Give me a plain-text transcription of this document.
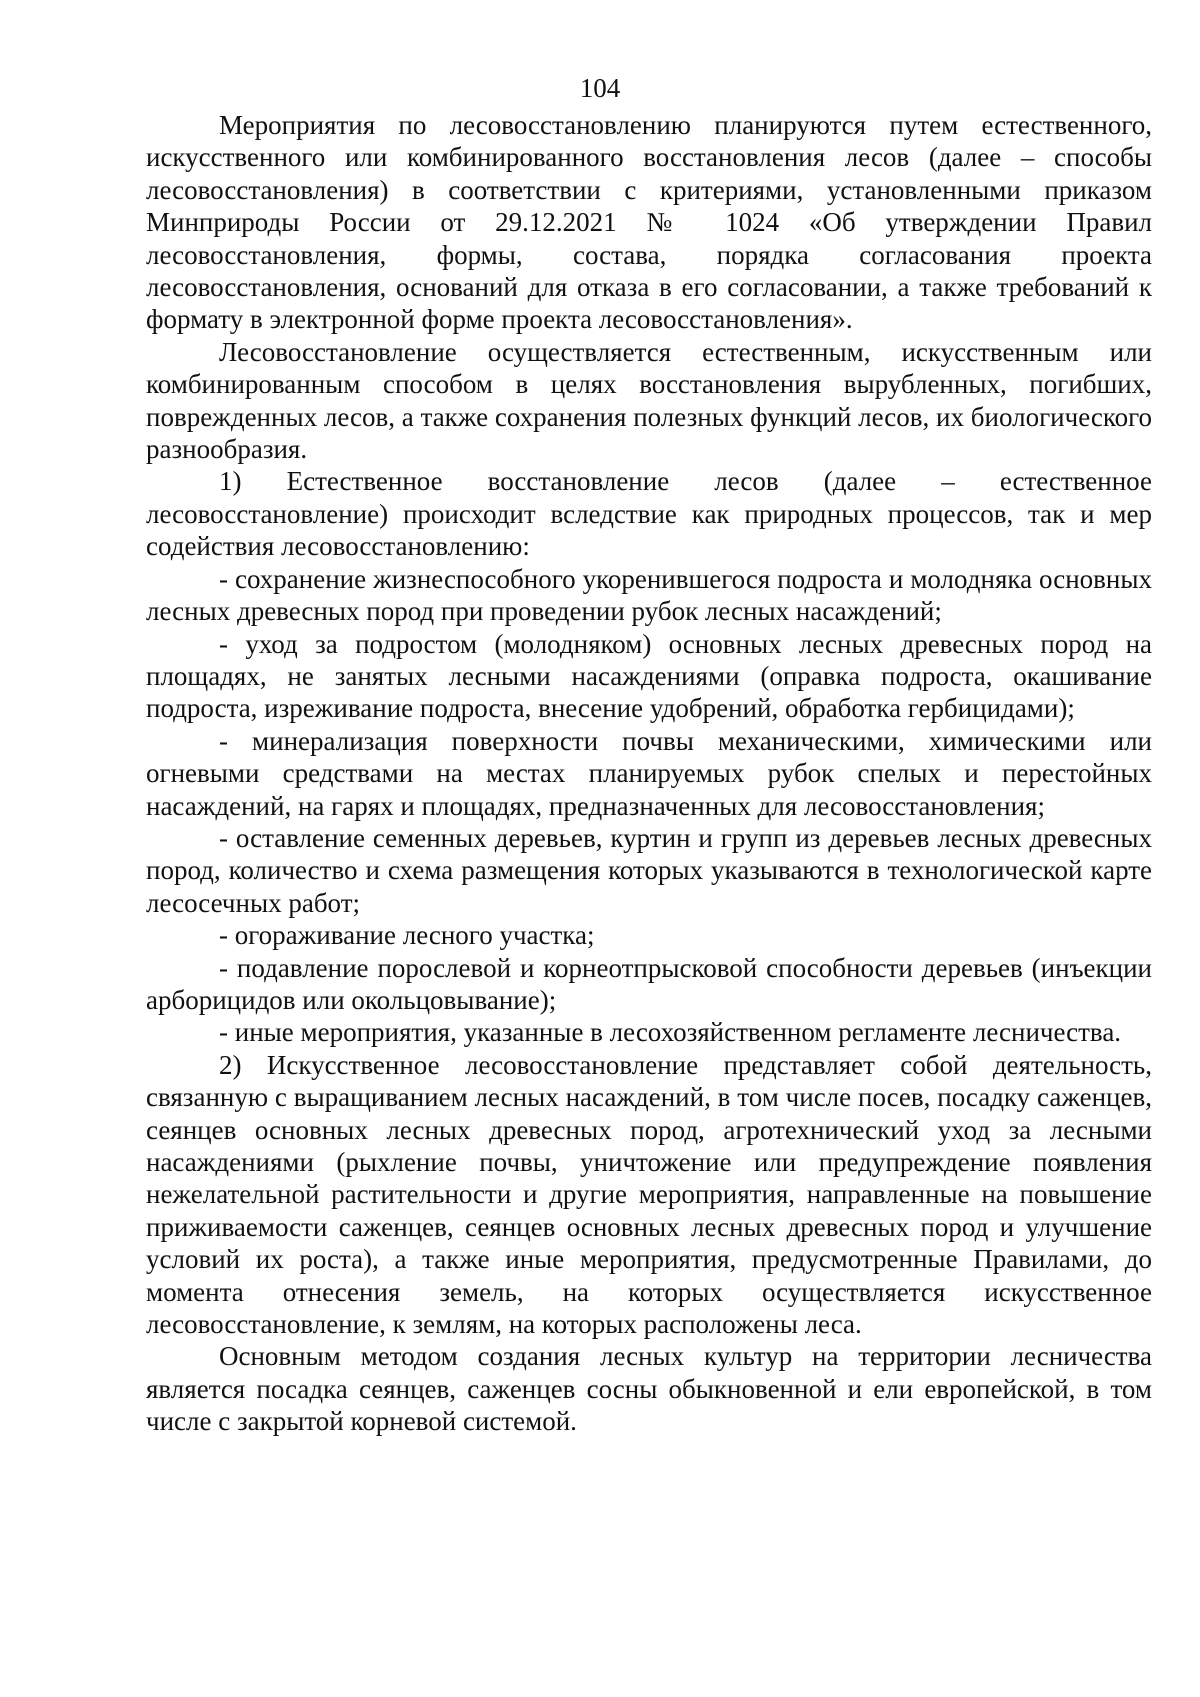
104

Мероприятия по лесовосстановлению планируются путем естественного, искусственного или комбинированного восстановления лесов (далее – способы лесовосстановления) в соответствии с критериями, установленными приказом Минприроды России от 29.12.2021 № 1024 «Об утверждении Правил лесовосстановления, формы, состава, порядка согласования проекта лесовосстановления, оснований для отказа в его согласовании, а также требований к формату в электронной форме проекта лесовосстановления».

Лесовосстановление осуществляется естественным, искусственным или комбинированным способом в целях восстановления вырубленных, погибших, поврежденных лесов, а также сохранения полезных функций лесов, их биологического разнообразия.

1) Естественное восстановление лесов (далее – естественное лесовосстановление) происходит вследствие как природных процессов, так и мер содействия лесовосстановлению:

- сохранение жизнеспособного укоренившегося подроста и молодняка основных лесных древесных пород при проведении рубок лесных насаждений;

- уход за подростом (молодняком) основных лесных древесных пород на площадях, не занятых лесными насаждениями (оправка подроста, окашивание подроста, изреживание подроста, внесение удобрений, обработка гербицидами);

- минерализация поверхности почвы механическими, химическими или огневыми средствами на местах планируемых рубок спелых и перестойных насаждений, на гарях и площадях, предназначенных для лесовосстановления;

- оставление семенных деревьев, куртин и групп из деревьев лесных древесных пород, количество и схема размещения которых указываются в технологической карте лесосечных работ;

- огораживание лесного участка;

- подавление порослевой и корнеотпрысковой способности деревьев (инъекции арборицидов или окольцовывание);

- иные мероприятия, указанные в лесохозяйственном регламенте лесничества.

2) Искусственное лесовосстановление представляет собой деятельность, связанную с выращиванием лесных насаждений, в том числе посев, посадку саженцев, сеянцев основных лесных древесных пород, агротехнический уход за лесными насаждениями (рыхление почвы, уничтожение или предупреждение появления нежелательной растительности и другие мероприятия, направленные на повышение приживаемости саженцев, сеянцев основных лесных древесных пород и улучшение условий их роста), а также иные мероприятия, предусмотренные Правилами, до момента отнесения земель, на которых осуществляется искусственное лесовосстановление, к землям, на которых расположены леса.

Основным методом создания лесных культур на территории лесничества является посадка сеянцев, саженцев сосны обыкновенной и ели европейской, в том числе с закрытой корневой системой.
